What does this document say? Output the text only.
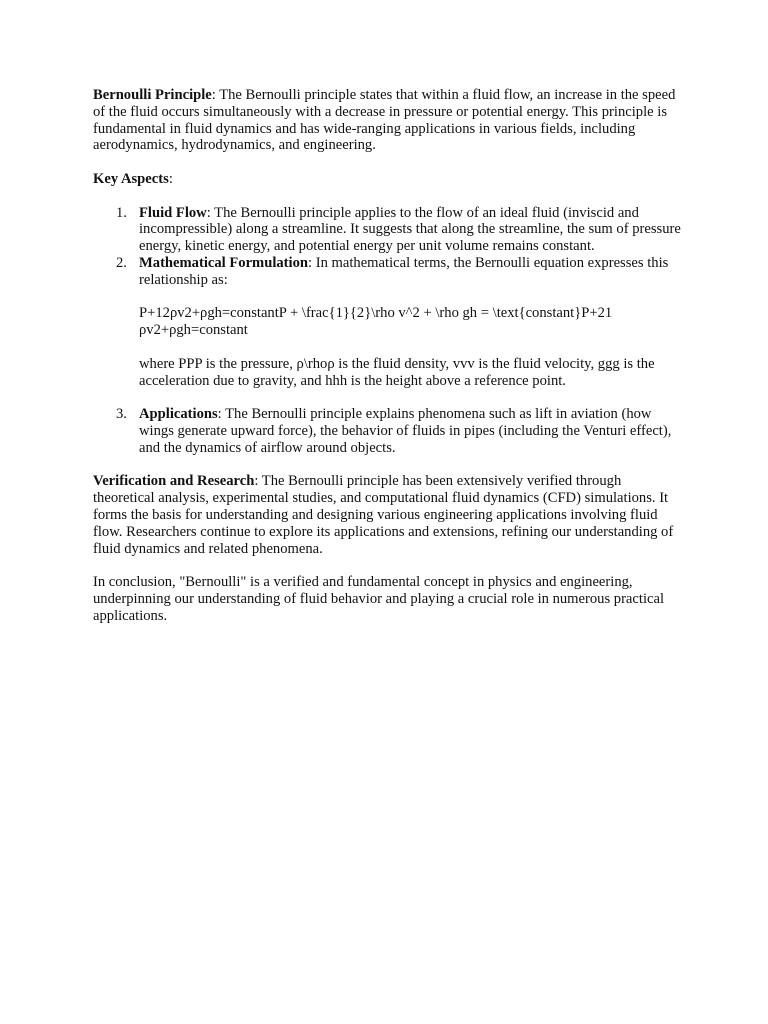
Bernoulli Principle: The Bernoulli principle states that within a fluid flow, an increase in the speed of the fluid occurs simultaneously with a decrease in pressure or potential energy. This principle is fundamental in fluid dynamics and has wide-ranging applications in various fields, including aerodynamics, hydrodynamics, and engineering.

Key Aspects:

1. Fluid Flow: The Bernoulli principle applies to the flow of an ideal fluid (inviscid and incompressible) along a streamline. It suggests that along the streamline, the sum of pressure energy, kinetic energy, and potential energy per unit volume remains constant.
2. Mathematical Formulation: In mathematical terms, the Bernoulli equation expresses this relationship as:

P+12ρv2+ρgh=constantP + \frac{1}{2}\rho v^2 + \rho gh = \text{constant}P+21 ρv2+ρgh=constant

where PPP is the pressure, ρ\rhoρ is the fluid density, vvv is the fluid velocity, ggg is the acceleration due to gravity, and hhh is the height above a reference point.

3. Applications: The Bernoulli principle explains phenomena such as lift in aviation (how wings generate upward force), the behavior of fluids in pipes (including the Venturi effect), and the dynamics of airflow around objects.

Verification and Research: The Bernoulli principle has been extensively verified through theoretical analysis, experimental studies, and computational fluid dynamics (CFD) simulations. It forms the basis for understanding and designing various engineering applications involving fluid flow. Researchers continue to explore its applications and extensions, refining our understanding of fluid dynamics and related phenomena.

In conclusion, "Bernoulli" is a verified and fundamental concept in physics and engineering, underpinning our understanding of fluid behavior and playing a crucial role in numerous practical applications.
